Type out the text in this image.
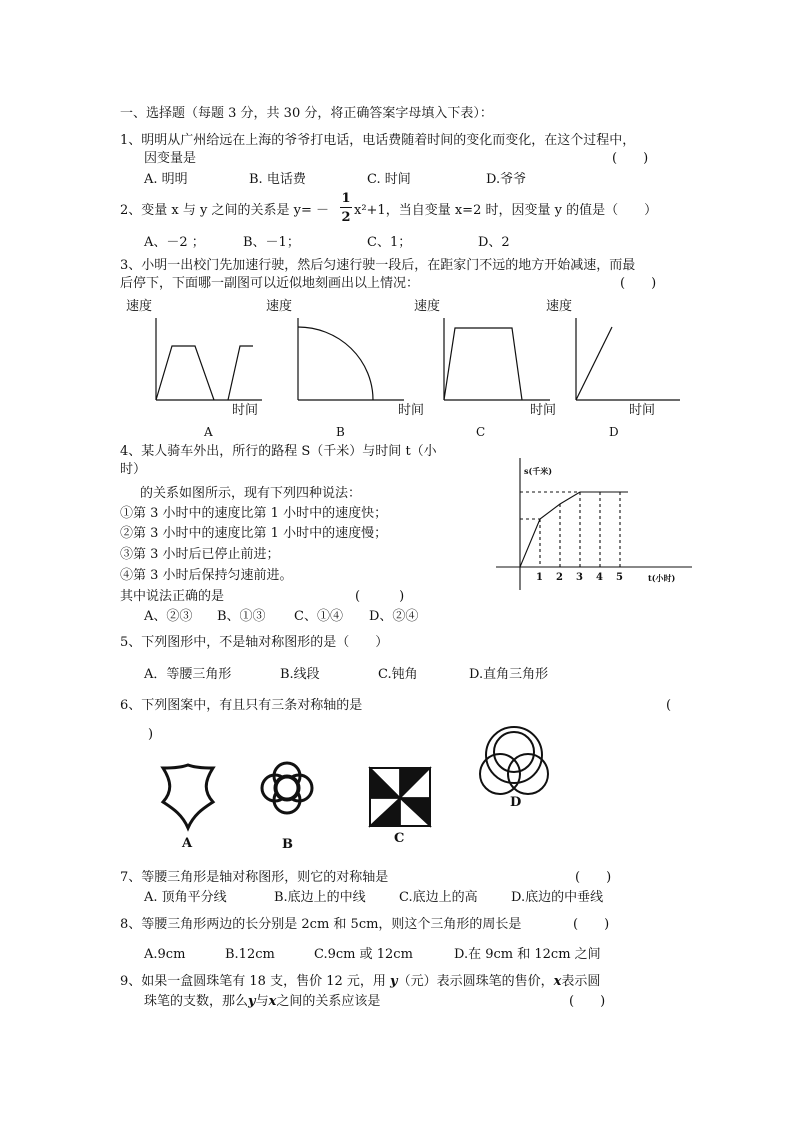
一、选择题（每题 3 分，共 30 分，将正确答案字母填入下表）：
1、明明从广州给远在上海的爷爷打电话，电话费随着时间的变化而变化，在这个过程中，
因变量是	(　　)
A. 明明	B. 电话费	C. 时间	D.爷爷
2、变量 x 与 y 之间的关系是 y= －
1
2 x²+1，当自变量 x=2 时，因变量 y 的值是（　　）
A、－2 ；	B、－1；	C、1；	D、2
3、小明一出校门先加速行驶，然后匀速行驶一段后，在距家门不远的地方开始减速，而最
后停下，下面哪一副图可以近似地刻画出以上情况：	(　　)
速度	速度	速度	速度
时间	时间	时间	时间
A	B	C	D
4、某人骑车外出，所行的路程 S（千米）与时间 t（小
时）
的关系如图所示，现有下列四种说法：
①第 3 小时中的速度比第 1 小时中的速度快；
②第 3 小时中的速度比第 1 小时中的速度慢；
③第 3 小时后已停止前进；
④第 3 小时后保持匀速前进。
其中说法正确的是	(　　　)
A、②③ B、①③ C、①④ D、②④
s(千米)
t(小时)
1 2 3 4 5
5、下列图形中，不是轴对称图形的是（　　）
A．等腰三角形	B.线段	C.钝角	D.直角三角形
6、下列图案中，有且只有三条对称轴的是	(
)
A	B	C
D
7、等腰三角形是轴对称图形，则它的对称轴是	(　　)
A. 顶角平分线	B.底边上的中线	C.底边上的高	D.底边的中垂线
8、等腰三角形两边的长分别是 2cm 和 5cm，则这个三角形的周长是	(　　)
A.9cm	B.12cm	C.9cm 或 12cm	D.在 9cm 和 12cm 之间
9、如果一盒圆珠笔有 18 支，售价 12 元，用 y（元）表示圆珠笔的售价，x表示圆
珠笔的支数，那么y与x之间的关系应该是	(　　)
